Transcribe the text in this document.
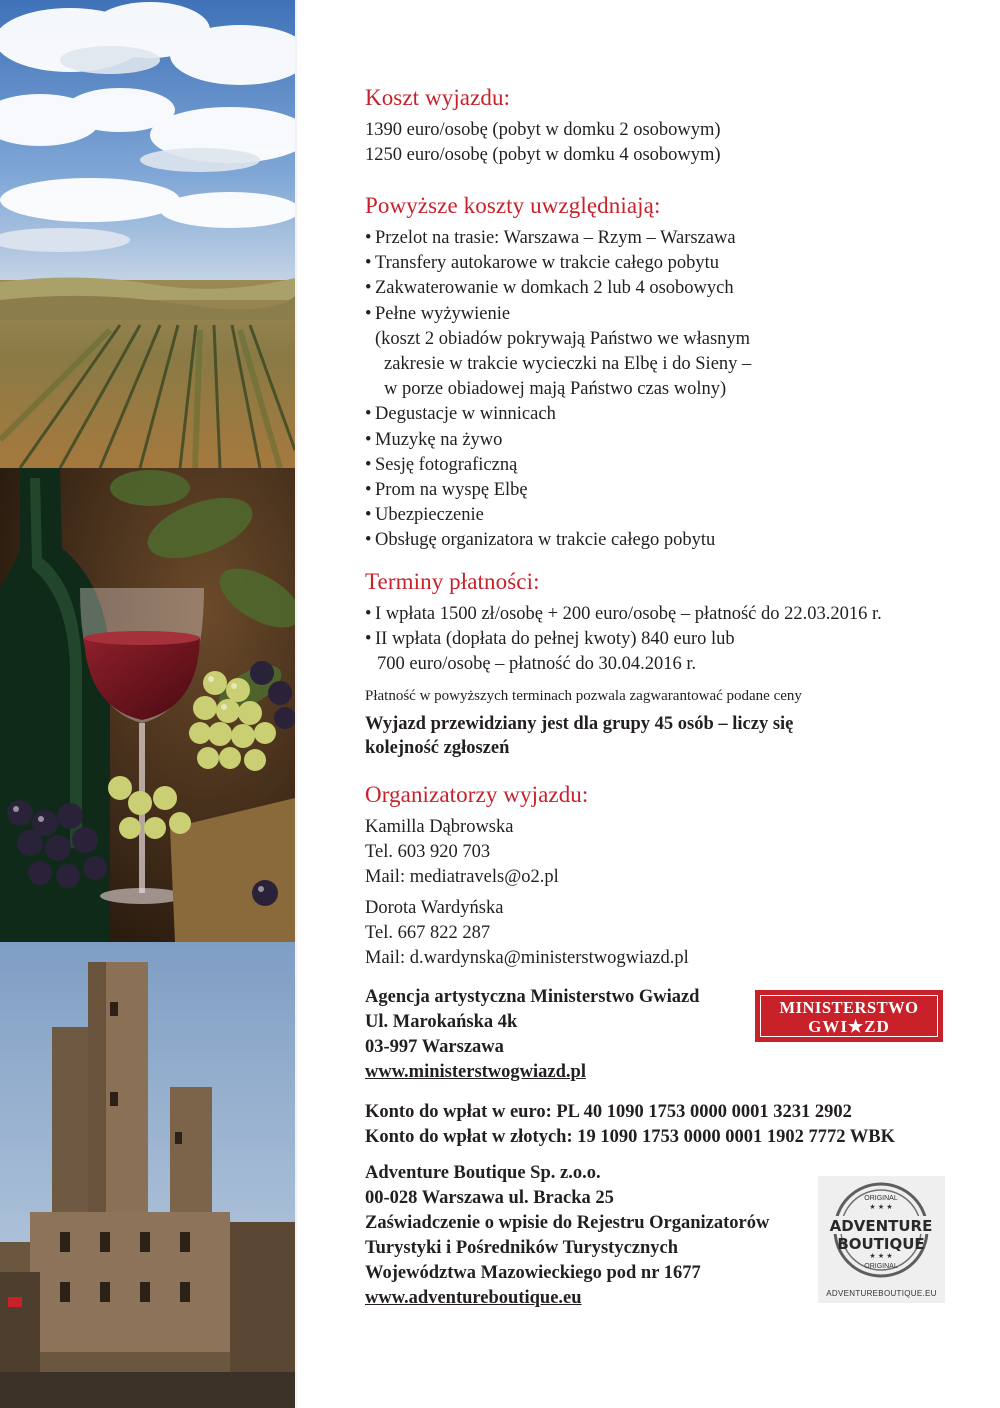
Koszt wyjazdu:
1390 euro/osobę (pobyt w domku 2 osobowym)
1250 euro/osobę (pobyt w domku 4 osobowym)
Powyższe koszty uwzględniają:
• Przelot na trasie: Warszawa – Rzym – Warszawa
• Transfery autokarowe w trakcie całego pobytu
• Zakwaterowanie w domkach 2 lub 4 osobowych
• Pełne wyżywienie
(koszt 2 obiadów pokrywają Państwo we własnym
zakresie w trakcie wycieczki na Elbę i do Sieny –
w porze obiadowej mają Państwo czas wolny)
• Degustacje w winnicach
• Muzykę na żywo
• Sesję fotograficzną
• Prom na wyspę Elbę
• Ubezpieczenie
• Obsługę organizatora w trakcie całego pobytu
Terminy płatności:
• I wpłata 1500 zł/osobę + 200 euro/osobę – płatność do 22.03.2016 r.
• II wpłata (dopłata do pełnej kwoty) 840 euro lub
700 euro/osobę – płatność do 30.04.2016 r.
Płatność w powyższych terminach pozwala zagwarantować podane ceny
Wyjazd przewidziany jest dla grupy 45 osób – liczy się
kolejność zgłoszeń
Organizatorzy wyjazdu:
Kamilla Dąbrowska
Tel. 603 920 703
Mail: mediatravels@o2.pl
Dorota Wardyńska
Tel. 667 822 287
Mail: d.wardynska@ministerstwogwiazd.pl
Agencja artystyczna Ministerstwo Gwiazd
Ul. Marokańska 4k
03-997 Warszawa
www.ministerstwogwiazd.pl
Konto do wpłat w euro: PL 40 1090 1753 0000 0001 3231 2902
Konto do wpłat w złotych: 19 1090 1753 0000 0001 1902 7772 WBK
Adventure Boutique Sp. z.o.o.
00-028 Warszawa ul. Bracka 25
Zaświadczenie o wpisie do Rejestru Organizatorów
Turystyki i Pośredników Turystycznych
Województwa Mazowieckiego pod nr 1677
www.adventureboutique.eu
MINISTERSTWO
GWI★ZD
ORIGINAL
★ ★ ★
ADVENTURE
BOUTIQUE
★ ★ ★
ORIGINAL
ADVENTUREBOUTIQUE.EU
